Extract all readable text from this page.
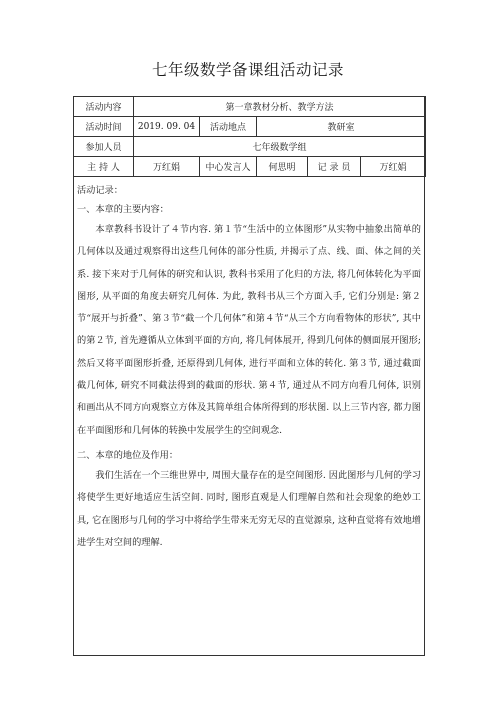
七年级数学备课组活动记录
活动内容	第一章教材分析、教学方法				
活动时间	2019. 09. 04	活动地点	教研室		
参加人员	七年级数学组				
主 持 人	万红娟	中心发言人	何思明	记 录 员	万红娟
活动记录：
一、本章的主要内容：
本章教科书设计了４节内容. 第１节“生活中的立体图形”从实物中抽象出简单的几何体以及通过观察得出这些几何体的部分性质, 并揭示了点、线、面、体之间的关系. 接下来对于几何体的研究和认识, 教科书采用了化归的方法, 将几何体转化为平面图形, 从平面的角度去研究几何体. 为此, 教科书从三个方面入手, 它们分别是: 第２节“展开与折叠”、第３节“截一个几何体”和第４节“从三个方向看物体的形状”, 其中的第２节, 首先遵循从立体到平面的方向, 将几何体展开, 得到几何体的侧面展开图形; 然后又将平面图形折叠, 还原得到几何体, 进行平面和立体的转化. 第３节, 通过截面截几何体, 研究不同截法得到的截面的形状. 第４节, 通过从不同方向看几何体, 识别和画出从不同方向观察立方体及其简单组合体所得到的形状图. 以上三节内容, 都力图在平面图形和几何体的转换中发展学生的空间观念.
二、本章的地位及作用：
我们生活在一个三维世界中, 周围大量存在的是空间图形. 因此图形与几何的学习将使学生更好地适应生活空间. 同时, 图形直观是人们理解自然和社会现象的绝妙工具, 它在图形与几何的学习中将给学生带来无穷无尽的直觉源泉, 这种直觉将有效地增进学生对空间的理解.
